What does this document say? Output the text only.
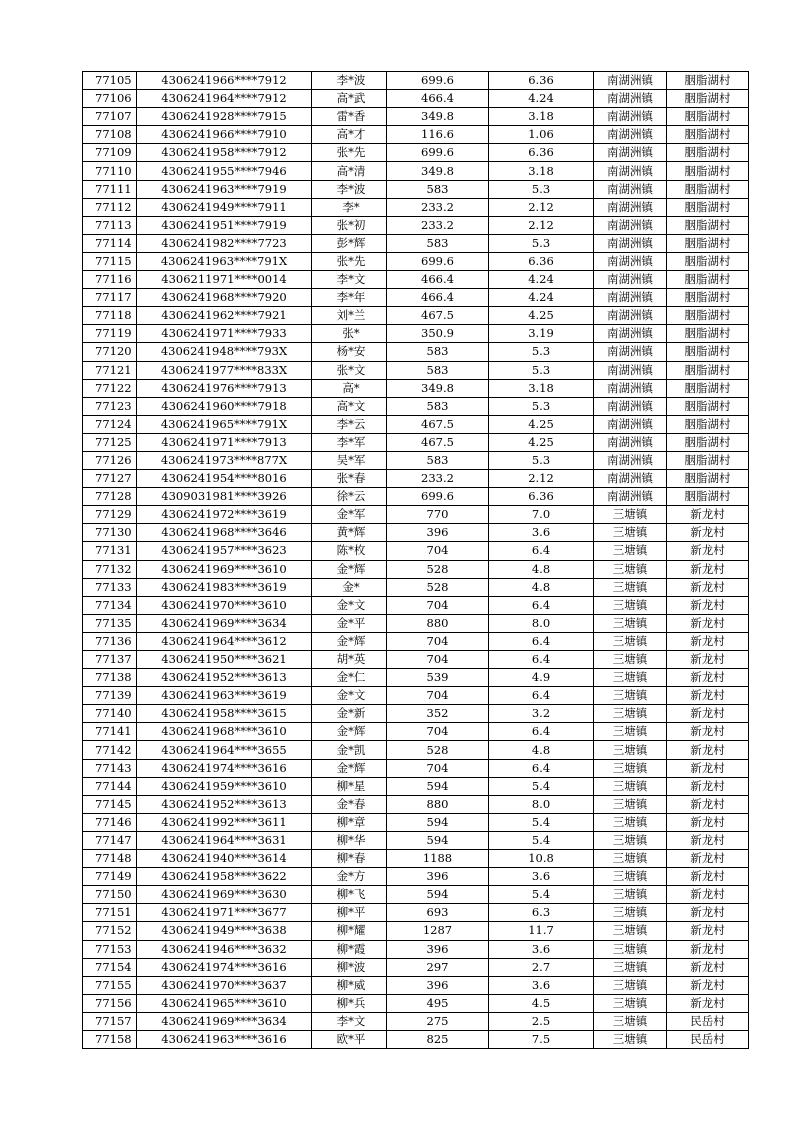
77105	4306241966****7912	李*波	699.6	6.36	南湖洲镇	胭脂湖村
77106	4306241964****7912	高*武	466.4	4.24	南湖洲镇	胭脂湖村
77107	4306241928****7915	雷*香	349.8	3.18	南湖洲镇	胭脂湖村
77108	4306241966****7910	高*才	116.6	1.06	南湖洲镇	胭脂湖村
77109	4306241958****7912	张*先	699.6	6.36	南湖洲镇	胭脂湖村
77110	4306241955****7946	高*清	349.8	3.18	南湖洲镇	胭脂湖村
77111	4306241963****7919	李*波	583	5.3	南湖洲镇	胭脂湖村
77112	4306241949****7911	李*	233.2	2.12	南湖洲镇	胭脂湖村
77113	4306241951****7919	张*初	233.2	2.12	南湖洲镇	胭脂湖村
77114	4306241982****7723	彭*辉	583	5.3	南湖洲镇	胭脂湖村
77115	4306241963****791X	张*先	699.6	6.36	南湖洲镇	胭脂湖村
77116	4306211971****0014	李*文	466.4	4.24	南湖洲镇	胭脂湖村
77117	4306241968****7920	李*年	466.4	4.24	南湖洲镇	胭脂湖村
77118	4306241962****7921	刘*兰	467.5	4.25	南湖洲镇	胭脂湖村
77119	4306241971****7933	张*	350.9	3.19	南湖洲镇	胭脂湖村
77120	4306241948****793X	杨*安	583	5.3	南湖洲镇	胭脂湖村
77121	4306241977****833X	张*文	583	5.3	南湖洲镇	胭脂湖村
77122	4306241976****7913	高*	349.8	3.18	南湖洲镇	胭脂湖村
77123	4306241960****7918	高*文	583	5.3	南湖洲镇	胭脂湖村
77124	4306241965****791X	李*云	467.5	4.25	南湖洲镇	胭脂湖村
77125	4306241971****7913	李*军	467.5	4.25	南湖洲镇	胭脂湖村
77126	4306241973****877X	吴*军	583	5.3	南湖洲镇	胭脂湖村
77127	4306241954****8016	张*春	233.2	2.12	南湖洲镇	胭脂湖村
77128	4309031981****3926	徐*云	699.6	6.36	南湖洲镇	胭脂湖村
77129	4306241972****3619	金*军	770	7.0	三塘镇	新龙村
77130	4306241968****3646	黄*辉	396	3.6	三塘镇	新龙村
77131	4306241957****3623	陈*枚	704	6.4	三塘镇	新龙村
77132	4306241969****3610	金*辉	528	4.8	三塘镇	新龙村
77133	4306241983****3619	金*	528	4.8	三塘镇	新龙村
77134	4306241970****3610	金*文	704	6.4	三塘镇	新龙村
77135	4306241969****3634	金*平	880	8.0	三塘镇	新龙村
77136	4306241964****3612	金*辉	704	6.4	三塘镇	新龙村
77137	4306241950****3621	胡*英	704	6.4	三塘镇	新龙村
77138	4306241952****3613	金*仁	539	4.9	三塘镇	新龙村
77139	4306241963****3619	金*文	704	6.4	三塘镇	新龙村
77140	4306241958****3615	金*新	352	3.2	三塘镇	新龙村
77141	4306241968****3610	金*辉	704	6.4	三塘镇	新龙村
77142	4306241964****3655	金*凯	528	4.8	三塘镇	新龙村
77143	4306241974****3616	金*辉	704	6.4	三塘镇	新龙村
77144	4306241959****3610	柳*星	594	5.4	三塘镇	新龙村
77145	4306241952****3613	金*春	880	8.0	三塘镇	新龙村
77146	4306241992****3611	柳*章	594	5.4	三塘镇	新龙村
77147	4306241964****3631	柳*华	594	5.4	三塘镇	新龙村
77148	4306241940****3614	柳*春	1188	10.8	三塘镇	新龙村
77149	4306241958****3622	金*方	396	3.6	三塘镇	新龙村
77150	4306241969****3630	柳*飞	594	5.4	三塘镇	新龙村
77151	4306241971****3677	柳*平	693	6.3	三塘镇	新龙村
77152	4306241949****3638	柳*耀	1287	11.7	三塘镇	新龙村
77153	4306241946****3632	柳*霞	396	3.6	三塘镇	新龙村
77154	4306241974****3616	柳*波	297	2.7	三塘镇	新龙村
77155	4306241970****3637	柳*威	396	3.6	三塘镇	新龙村
77156	4306241965****3610	柳*兵	495	4.5	三塘镇	新龙村
77157	4306241969****3634	李*文	275	2.5	三塘镇	民岳村
77158	4306241963****3616	欧*平	825	7.5	三塘镇	民岳村
